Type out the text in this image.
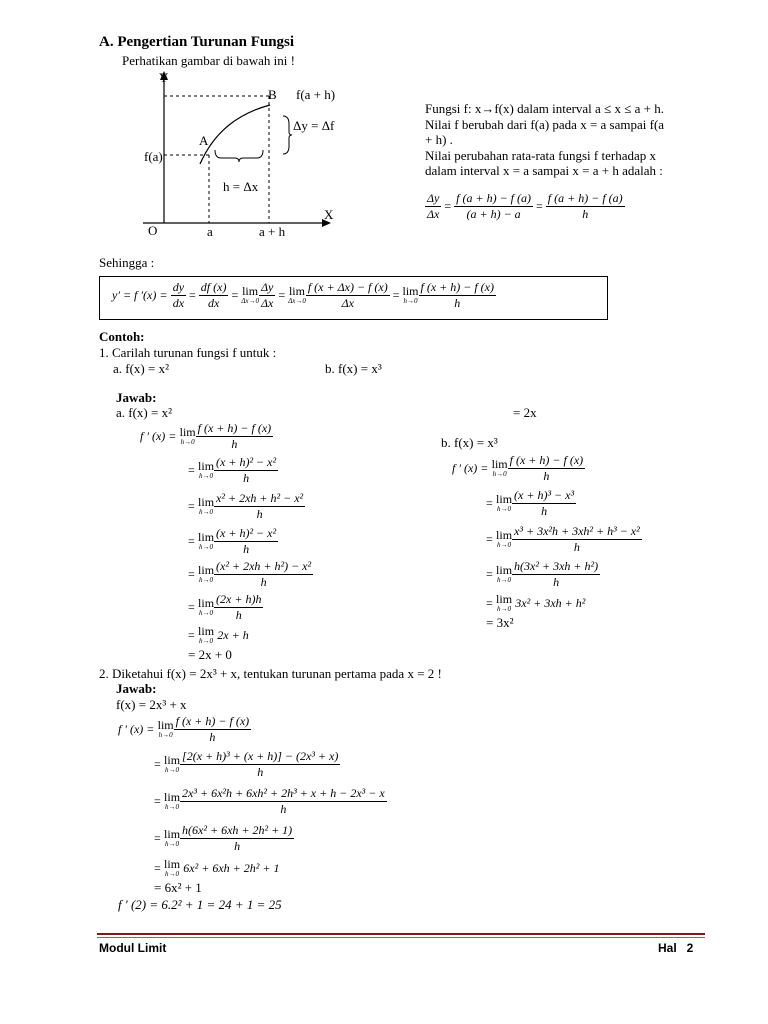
A. Pengertian Turunan Fungsi
Perhatikan gambar di bawah ini !
Y
X
O
A
B f(a + h)
f(a)
Δy = Δf
h = Δx
a	a + h
Fungsi f: x→f(x) dalam interval a ≤ x ≤ a + h.
Nilai f berubah dari f(a) pada x = a sampai f(a
+ h) .
Nilai perubahan rata-rata fungsi f terhadap x
dalam interval x = a sampai x = a + h adalah :
$\frac{\Delta y}{\Delta x} = \frac{f (a + h) - f (a)}{(a + h) - a} = \frac{f (a + h) - f (a)}{h}$
Sehingga :
y′ = f ′(x) =
$\frac{dy}{dx} = \frac{df (x)}{dx} = \lim$
$\Delta x\to 0 \frac{\Delta y}{\Delta x} = \lim$
$\Delta x\to 0 \frac{f (x + \Delta x) - f (x)}{\Delta x} = \lim$
$h\to 0 \frac{f (x + h) - f (x)}{h}$
Contoh:
1. Carilah turunan fungsi f untuk :
a. f(x) = x²	b. f(x) = x³
Jawab:
a. f(x) = x²	= 2x
f ′ (x) =
lim
$h\to 0 \frac{f (x + h) - f (x)}{h}$
=
lim
$h\to 0 \frac{\text{(x + h)² − x²}}{h}$
=
lim
$h\to 0 \frac{\text{x² + 2xh + h² − x²}}{h}$
=
lim
$h\to 0 \frac{\text{(x + h)² − x²}}{h}$
=
lim
$h\to 0 \frac{\text{(x² + 2xh + h²) − x²}}{h}$
=
lim
$h\to 0 \frac{(2x + h)h}{h}$
=
lim
h→0
2x + h
= 2x + 0
b. f(x) = x³
f ′ (x) =
lim
$h\to 0 \frac{f (x + h) - f (x)}{h}$
=
lim
$h\to 0 \frac{\text{(x + h)³ − x³}}{h}$
=
lim
$h\to 0 \frac{\text{x³ + 3x²h + 3xh² + h³ − x²}}{h}$
=
lim
$h\to 0 \frac{\text{h(3x² + 3xh + h²)}}{h}$
=
lim
h→0
3x² + 3xh + h²
= 3x²
2. Diketahui f(x) = 2x³ + x, tentukan turunan pertama pada x = 2 !
Jawab:
f(x) = 2x³ + x
f ′ (x) =
lim
$h\to 0 \frac{f (x + h) - f (x)}{h}$
=
lim
$h\to 0 \frac{\text{[2(x + h)³ + (x + h)] − (2x³ + x)}}{h}$
=
lim
$h\to 0 \frac{\text{2x³ + 6x²h + 6xh² + 2h³ + x + h − 2x³ − x}}{h}$
=
lim
$h\to 0 \frac{\text{h(6x² + 6xh + 2h² + 1)}}{h}$
=
lim
h→0
6x² + 6xh + 2h² + 1
= 6x² + 1
f ′ (2) = 6.2² + 1 = 24 + 1 = 25
Modul Limit	Hal   2
